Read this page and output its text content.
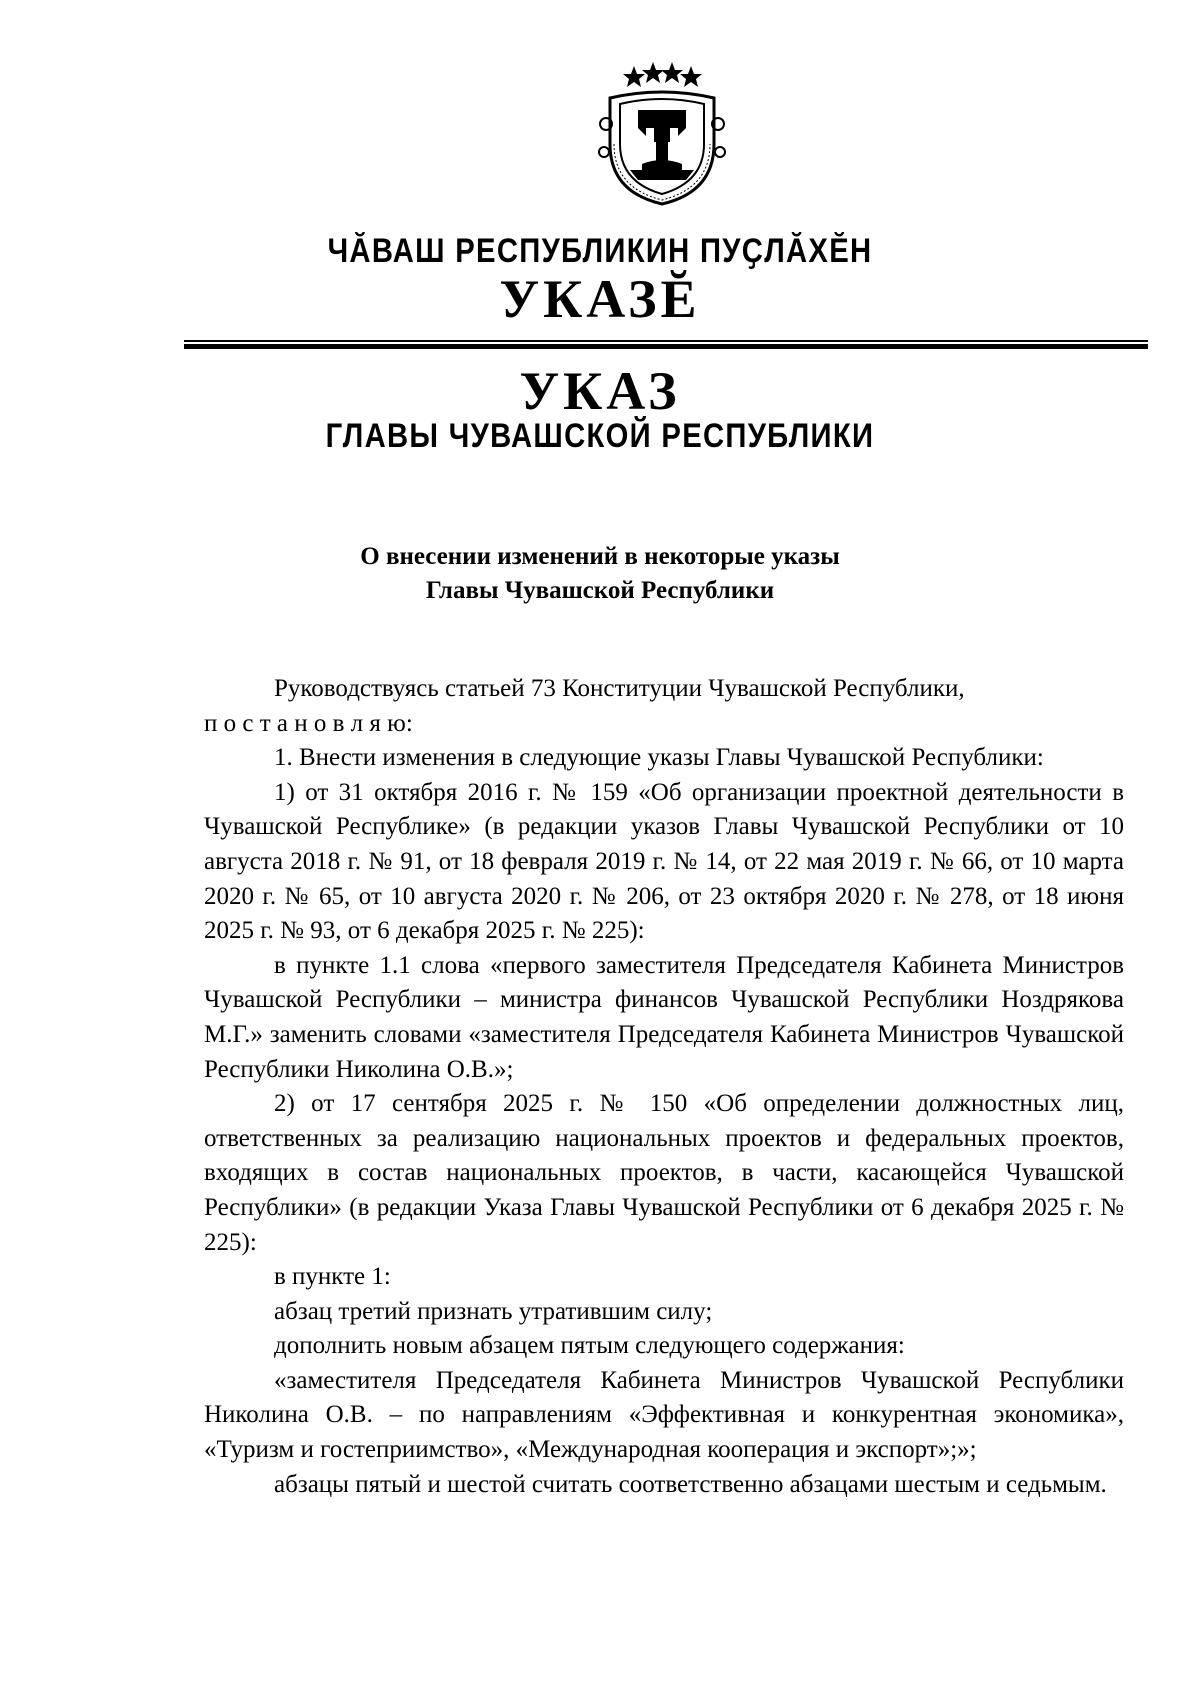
ЧĂВАШ РЕСПУБЛИКИН ПУҪЛĂХĔН
УКАЗĔ
УКАЗ
ГЛАВЫ ЧУВАШСКОЙ РЕСПУБЛИКИ
О внесении изменений в некоторые указы
Главы Чувашской Республики

Руководствуясь статьей 73 Конституции Чувашской Республики,

п о с т а н о в л я ю:

1. Внести изменения в следующие указы Главы Чувашской Республики:

1) от 31 октября 2016 г. № 159 «Об организации проектной деятельности в Чувашской Республике» (в редакции указов Главы Чувашской Республики от 10 августа 2018 г. № 91, от 18 февраля 2019 г. № 14, от 22 мая 2019 г. № 66, от 10 марта 2020 г. № 65, от 10 августа 2020 г. № 206, от 23 октября 2020 г. № 278, от 18 июня 2025 г. № 93, от 6 декабря 2025 г. № 225):

в пункте 1.1 слова «первого заместителя Председателя Кабинета Министров Чувашской Республики – министра финансов Чувашской Республики Ноздрякова М.Г.» заменить словами «заместителя Председателя Кабинета Министров Чувашской Республики Николина О.В.»;

2) от 17 сентября 2025 г. № 150 «Об определении должностных лиц, ответственных за реализацию национальных проектов и федеральных проектов, входящих в состав национальных проектов, в части, касающейся Чувашской Республики» (в редакции Указа Главы Чувашской Республики от 6 декабря 2025 г. № 225):

в пункте 1:

абзац третий признать утратившим силу;

дополнить новым абзацем пятым следующего содержания:

«заместителя Председателя Кабинета Министров Чувашской Республики Николина О.В. – по направлениям «Эффективная и конкурентная экономика», «Туризм и гостеприимство», «Международная кооперация и экспорт»;»;

абзацы пятый и шестой считать соответственно абзацами шестым и седьмым.
